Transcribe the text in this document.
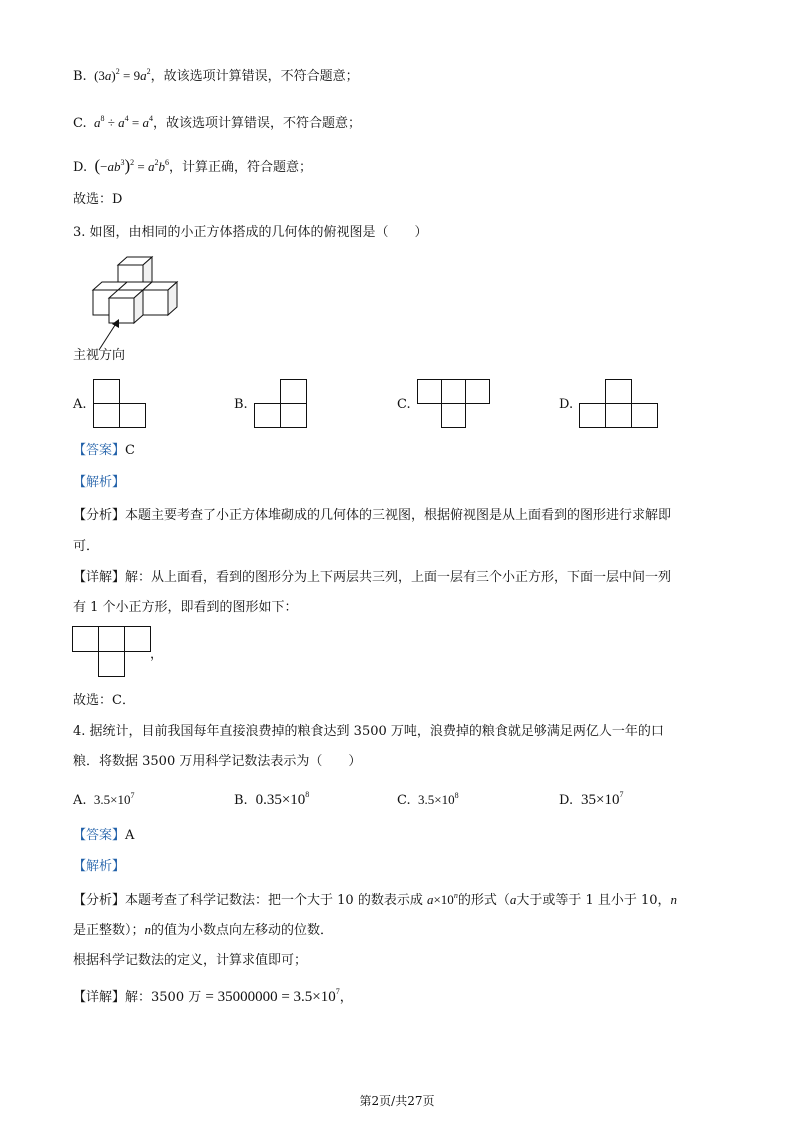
B.  $(3a)^2 = 9a^2$，故该选项计算错误，不符合题意；
C. $a^8 \div a^4 = a^4$，故该选项计算错误，不符合题意；
D. $(-ab^3)^2 = a^2b^6$，计算正确，符合题意；
故选：D
3. 如图，由相同的小正方体搭成的几何体的俯视图是（　　）
主视方向
A.	B.	C.	D.
【答案】C
【解析】
【分析】本题主要考查了小正方体堆砌成的几何体的三视图，根据俯视图是从上面看到的图形进行求解即
可．
【详解】解：从上面看，看到的图形分为上下两层共三列，上面一层有三个小正方形，下面一层中间一列
有 1 个小正方形，即看到的图形如下：
，
故选：C．
4. 据统计，目前我国每年直接浪费掉的粮食达到 3500 万吨，浪费掉的粮食就足够满足两亿人一年的口
粮．将数据 3500 万用科学记数法表示为（　　）
A.  $3.5\times 10^7$	B.  $0.35\times 10^8$	C.  $3.5\times 10^8$	D.  $35\times 10^7$
【答案】A
【解析】
【分析】本题考查了科学记数法：把一个大于 10 的数表示成 $a\times 10^n$的形式（a大于或等于 1 且小于 10，n
是正整数）；n的值为小数点向左移动的位数．
根据科学记数法的定义，计算求值即可；
【详解】解：3500 万 = $35000000 = 3.5\times 10^7$，
第2页/共27页
